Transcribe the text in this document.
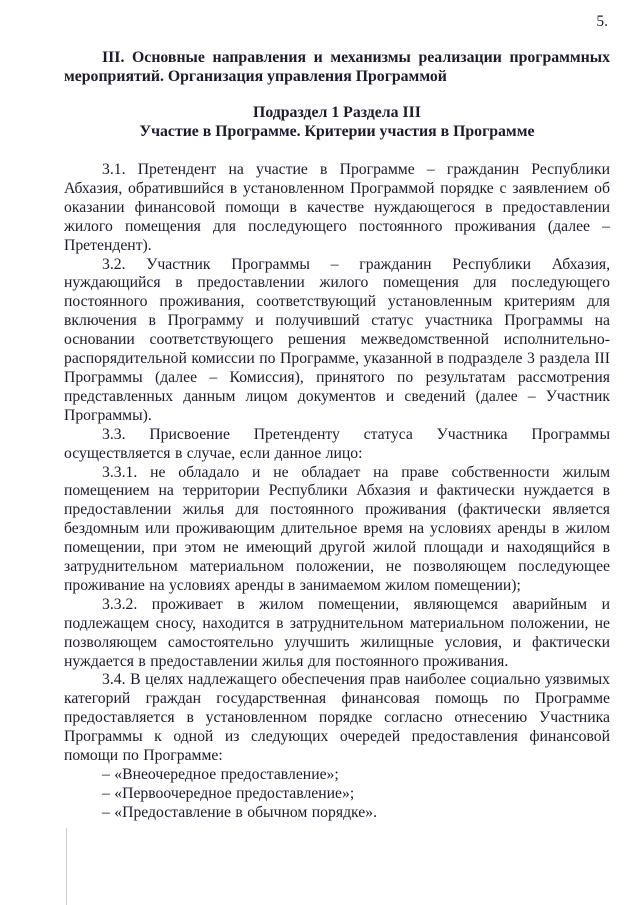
5.
III. Основные направления и механизмы реализации программных мероприятий. Организация управления Программой
Подраздел 1 Раздела III
Участие в Программе. Критерии участия в Программе

3.1. Претендент на участие в Программе – гражданин Республики Абхазия, обратившийся в установленном Программой порядке с заявлением об оказании финансовой помощи в качестве нуждающегося в предоставлении жилого помещения для последующего постоянного проживания (далее – Претендент).

3.2. Участник Программы – гражданин Республики Абхазия, нуждающийся в предоставлении жилого помещения для последующего постоянного проживания, соответствующий установленным критериям для включения в Программу и получивший статус участника Программы на основании соответствующего решения межведомственной исполнительно-распорядительной комиссии по Программе, указанной в подразделе 3 раздела III Программы (далее – Комиссия), принятого по результатам рассмотрения представленных данным лицом документов и сведений (далее – Участник Программы).

3.3. Присвоение Претенденту статуса Участника Программы осуществляется в случае, если данное лицо:

3.3.1. не обладало и не обладает на праве собственности жилым помещением на территории Республики Абхазия и фактически нуждается в предоставлении жилья для постоянного проживания (фактически является бездомным или проживающим длительное время на условиях аренды в жилом помещении, при этом не имеющий другой жилой площади и находящийся в затруднительном материальном положении, не позволяющем последующее проживание на условиях аренды в занимаемом жилом помещении);

3.3.2. проживает в жилом помещении, являющемся аварийным и подлежащем сносу, находится в затруднительном материальном положении, не позволяющем самостоятельно улучшить жилищные условия, и фактически нуждается в предоставлении жилья для постоянного проживания.

3.4. В целях надлежащего обеспечения прав наиболее социально уязвимых категорий граждан государственная финансовая помощь по Программе предоставляется в установленном порядке согласно отнесению Участника Программы к одной из следующих очередей предоставления финансовой помощи по Программе:

– «Внеочередное предоставление»;

– «Первоочередное предоставление»;

– «Предоставление в обычном порядке».
